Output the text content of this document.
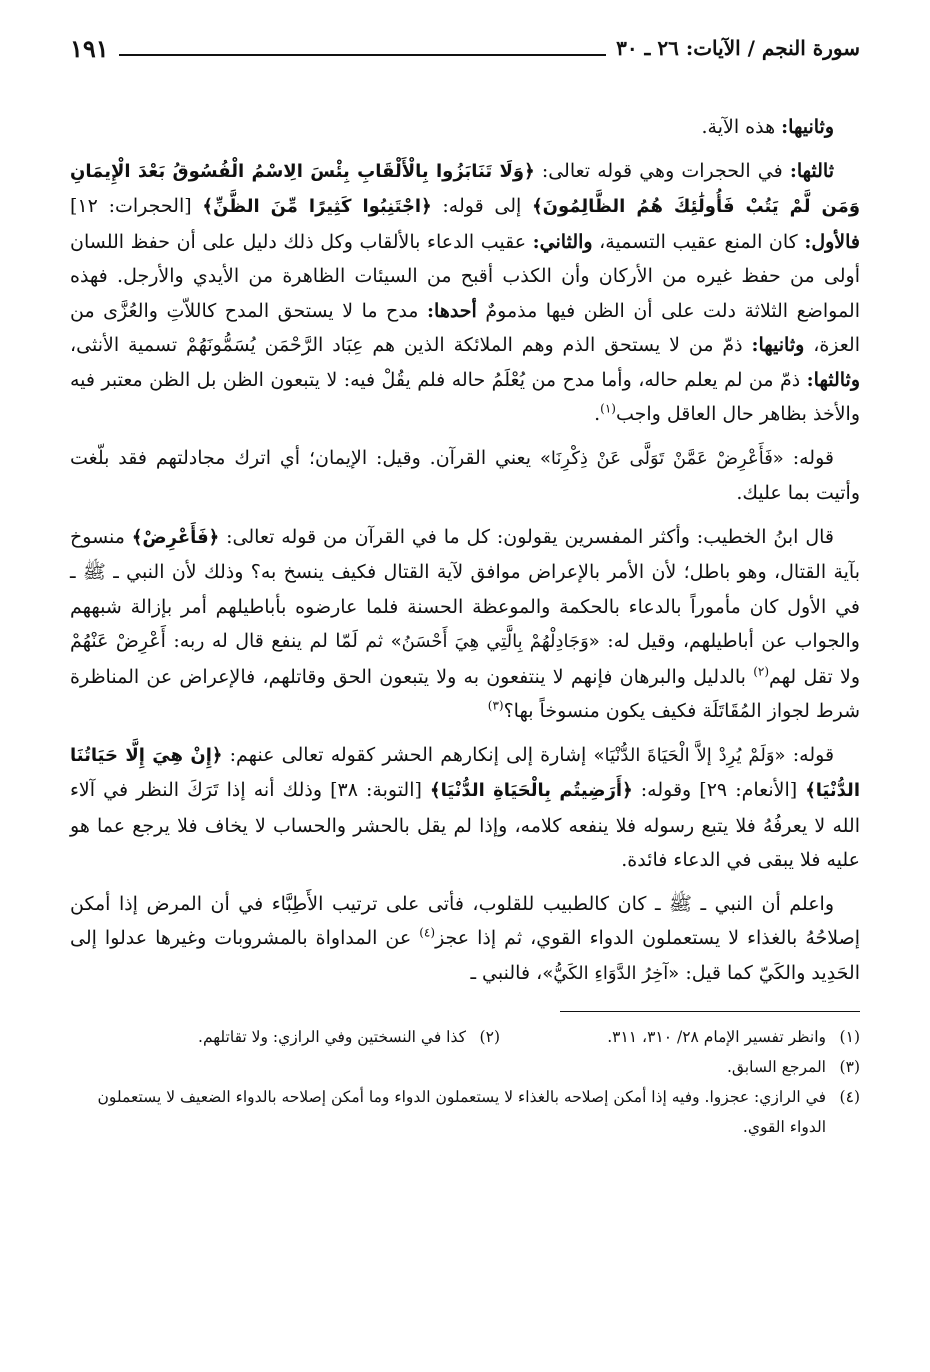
سورة النجم / الآيات: ٢٦ ـ ٣٠
١٩١

وثانيها: هذه الآية.

ثالثها: في الحجرات وهي قوله تعالى: ﴿وَلَا تَنَابَزُوا بِالْأَلْقَابِ بِئْسَ الِاسْمُ الْفُسُوقُ بَعْدَ الْإِيمَانِ وَمَن لَّمْ يَتُبْ فَأُولَٰئِكَ هُمُ الظَّالِمُونَ﴾ إلى قوله: ﴿اجْتَنِبُوا كَثِيرًا مِّنَ الظَّنِّ﴾ [الحجرات: ١٢] فالأول: كان المنع عقيب التسمية، والثاني: عقيب الدعاء بالألقاب وكل ذلك دليل على أن حفظ اللسان أولى من حفظ غيره من الأركان وأن الكذب أقبح من السيئات الظاهرة من الأيدي والأرجل. فهذه المواضع الثلاثة دلت على أن الظن فيها مذمومٌ أحدها: مدح ما لا يستحق المدح كاللاّتِ والعُزَّى من العزة، وثانيها: ذمّ من لا يستحق الذم وهم الملائكة الذين هم عِبَاد الرَّحْمَن يُسَمُّونَهُمْ تسمية الأنثى، وثالثها: ذمّ من لم يعلم حاله، وأما مدح من يُعْلَمُ حاله فلم يقُلْ فيه: لا يتبعون الظن بل الظن معتبر فيه والأخذ بظاهر حال العاقل واجب$^{(١)}$.

قوله: «فَأَعْرِضْ عَمَّنْ تَوَلَّى عَنْ ذِكْرِنَا» يعني القرآن. وقيل: الإيمان؛ أي اترك مجادلتهم فقد بلّغت وأتيت بما عليك.

قال ابنُ الخطيب: وأكثر المفسرين يقولون: كل ما في القرآن من قوله تعالى: ﴿فَأَعْرِضْ﴾ منسوخ بآية القتال، وهو باطل؛ لأن الأمر بالإعراض موافق لآية القتال فكيف ينسخ به؟ وذلك لأن النبي ـ ﷺ ـ في الأول كان مأموراً بالدعاء بالحكمة والموعظة الحسنة فلما عارضوه بأباطيلهم أمر بإزالة شبههم والجواب عن أباطيلهم، وقيل له: «وَجَادِلْهُمْ بِالَّتِي هِيَ أَحْسَنُ» ثم لَمّا لم ينفع قال له ربه: أَعْرِضْ عَنْهُمْ ولا تقل لهم$^{(٢)}$ بالدليل والبرهان فإنهم لا ينتفعون به ولا يتبعون الحق وقاتلهم، فالإعراض عن المناظرة شرط لجواز المُقَاتَلَة فكيف يكون منسوخاً بها؟$^{(٣)}$

قوله: «وَلَمْ يُرِدْ إلاَّ الْحَيَاةَ الدُّنْيَا» إشارة إلى إنكارهم الحشر كقوله تعالى عنهم: ﴿إِنْ هِيَ إِلَّا حَيَاتُنَا الدُّنْيَا﴾ [الأنعام: ٢٩] وقوله: ﴿أَرَضِيتُم بِالْحَيَاةِ الدُّنْيَا﴾ [التوبة: ٣٨] وذلك أنه إذا تَرَكَ النظر في آلاء الله لا يعرفُهُ فلا يتبع رسوله فلا ينفعه كلامه، وإذا لم يقل بالحشر والحساب لا يخاف فلا يرجع عما هو عليه فلا يبقى في الدعاء فائدة.

واعلم أن النبي ـ ﷺ ـ كان كالطبيب للقلوب، فأتى على ترتيب الأَطِبَّاء في أن المرض إذا أمكن إصلاحُهُ بالغذاء لا يستعملون الدواء القوي، ثم إذا عجز$^{(٤)}$ عن المداواة بالمشروبات وغيرها عدلوا إلى الحَدِيد والكَيّ كما قيل: «آخِرُ الدَّوَاءِ الكَيُّ»، فالنبي ـ

(١)
وانظر تفسير الإمام ٢٨/ ٣١٠، ٣١١.
(٢)
كذا في النسختين وفي الرازي: ولا تقاتلهم.
(٣)
المرجع السابق.
(٤)
في الرازي: عجزوا. وفيه إذا أمكن إصلاحه بالغذاء لا يستعملون الدواء وما أمكن إصلاحه بالدواء الضعيف لا يستعملون الدواء القوي.
